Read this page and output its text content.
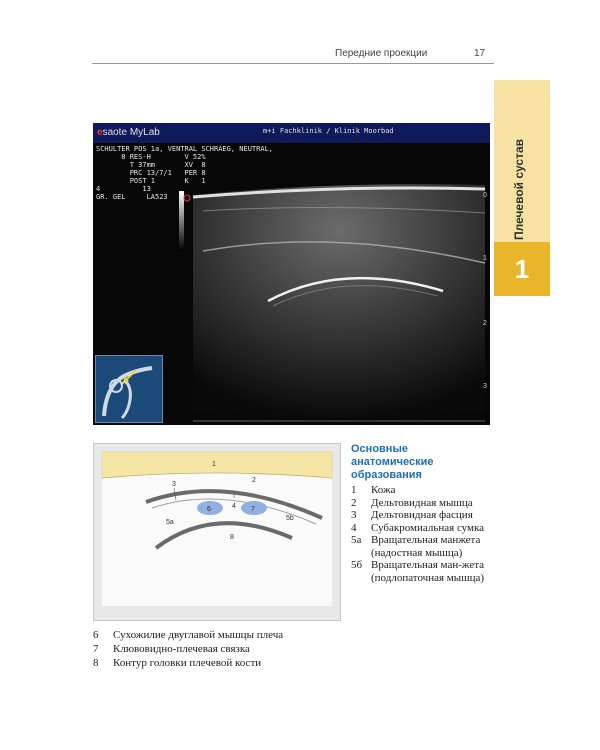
Передние проекции	17
Плечевой сустав
1
esaote MyLab	m+i Fachklinik / Klinik Moorbad
SCHULTER POS 1a, VENTRAL SCHRAEG, NEUTRAL,
8 RES-H        V 52%
T 37mm       XV  8
PRC 13/7/1   PER 8
POST 1       K   1
4          13
GR. GEL     LA523	0
1
2
3
1
2
3
4
5a
5b
6	7
8
Основные
анатомические
образования
1	Кожа
2	Дельтовидная мышца
3	Дельтовидная фасция
4	Субакромиальная сумка
5a Вращательная манжета (надостная мышца)
5б Вращательная ман-жета (подлопаточная мышца)
6	Сухожилие двуглавой мышцы плеча
7	Клювовидно-плечевая связка
8	Контур головки плечевой кости
